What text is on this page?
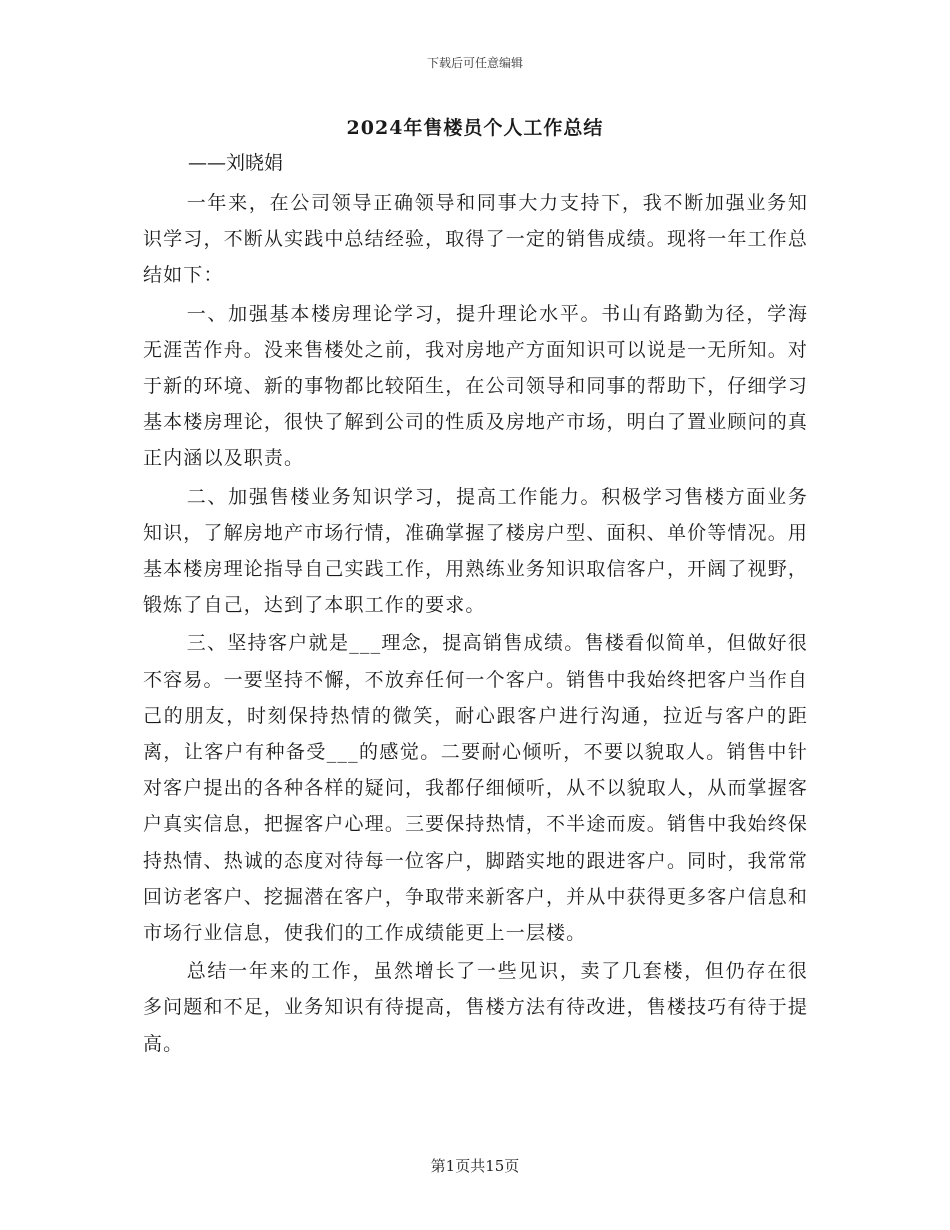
下载后可任意编辑
2024年售楼员个人工作总结
——刘晓娟

一年来，在公司领导正确领导和同事大力支持下，我不断加强业务知识学习，不断从实践中总结经验，取得了一定的销售成绩。现将一年工作总结如下：

一、加强基本楼房理论学习，提升理论水平。书山有路勤为径，学海无涯苦作舟。没来售楼处之前，我对房地产方面知识可以说是一无所知。对于新的环境、新的事物都比较陌生，在公司领导和同事的帮助下，仔细学习基本楼房理论，很快了解到公司的性质及房地产市场，明白了置业顾问的真正内涵以及职责。

二、加强售楼业务知识学习，提高工作能力。积极学习售楼方面业务知识，了解房地产市场行情，准确掌握了楼房户型、面积、单价等情况。用基本楼房理论指导自己实践工作，用熟练业务知识取信客户，开阔了视野，锻炼了自己，达到了本职工作的要求。

三、坚持客户就是___理念，提高销售成绩。售楼看似简单，但做好很不容易。一要坚持不懈，不放弃任何一个客户。销售中我始终把客户当作自己的朋友，时刻保持热情的微笑，耐心跟客户进行沟通，拉近与客户的距离，让客户有种备受___的感觉。二要耐心倾听，不要以貌取人。销售中针对客户提出的各种各样的疑问，我都仔细倾听，从不以貌取人，从而掌握客户真实信息，把握客户心理。三要保持热情，不半途而废。销售中我始终保持热情、热诚的态度对待每一位客户，脚踏实地的跟进客户。同时，我常常回访老客户、挖掘潜在客户，争取带来新客户，并从中获得更多客户信息和市场行业信息，使我们的工作成绩能更上一层楼。

总结一年来的工作，虽然增长了一些见识，卖了几套楼，但仍存在很多问题和不足，业务知识有待提高，售楼方法有待改进，售楼技巧有待于提高。

第1页共15页
